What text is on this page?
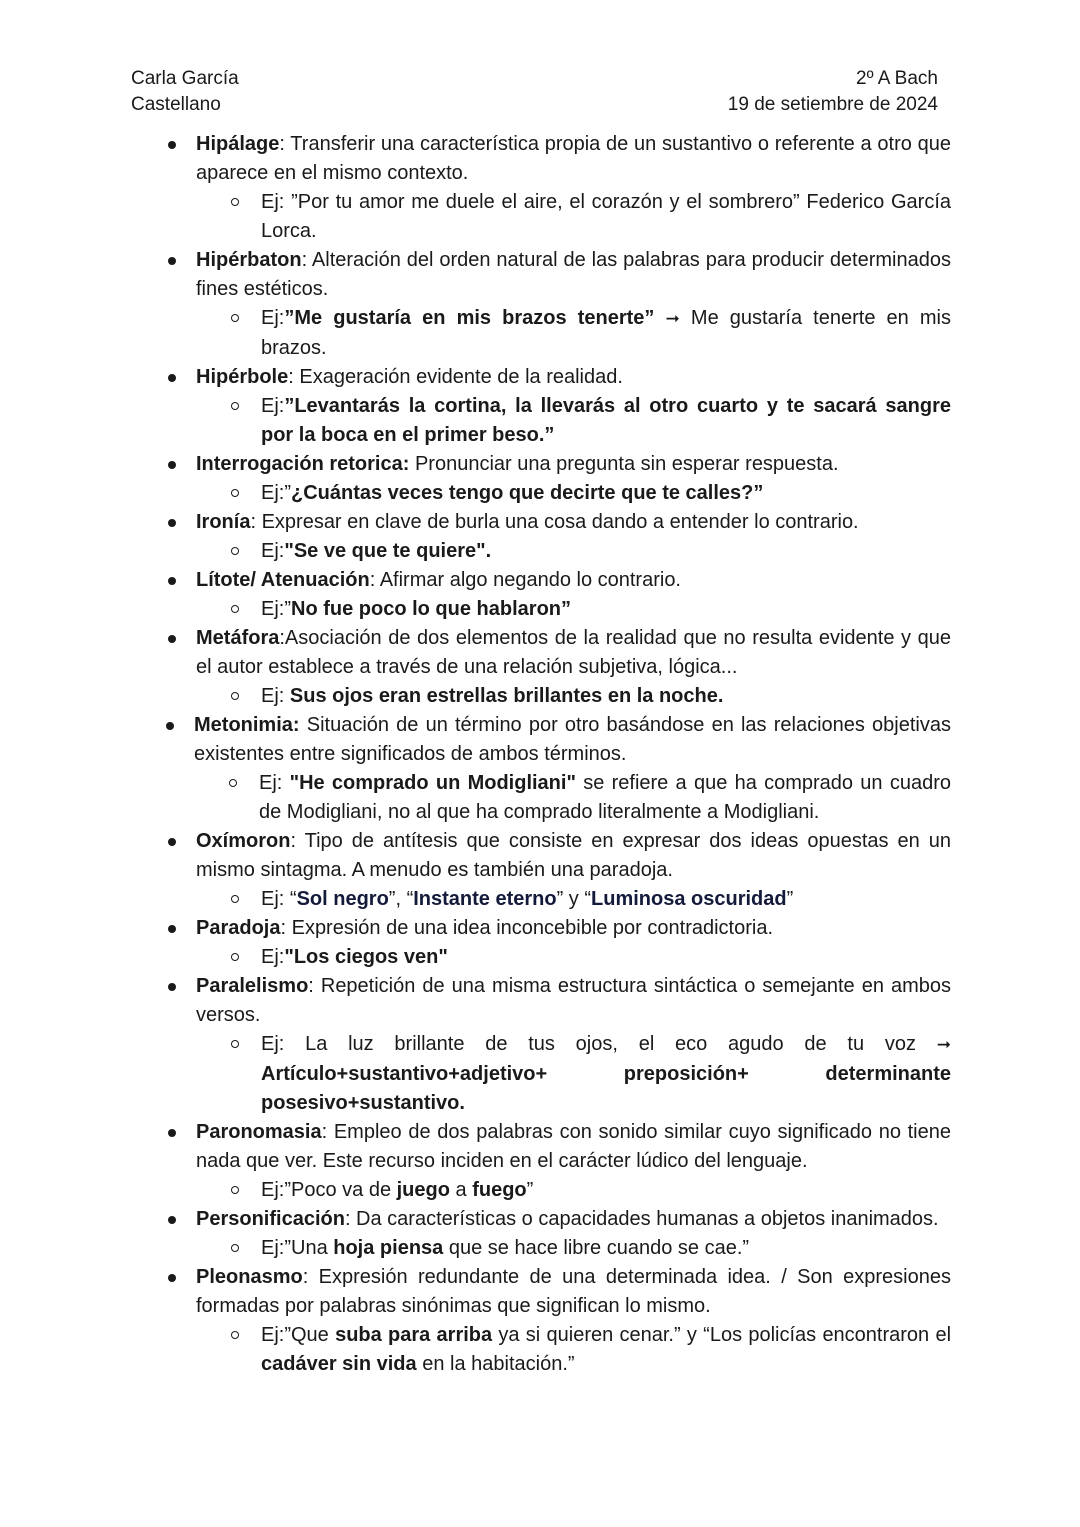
Carla García	2º A Bach
Castellano	19 de setiembre de 2024
Hipálage: Transferir una característica propia de un sustantivo o referente a otro que aparece en el mismo contexto.
Ej: ”Por tu amor me duele el aire, el corazón y el sombrero” Federico García Lorca.
Hipérbaton: Alteración del orden natural de las palabras para producir determinados fines estéticos.
Ej:”Me gustaría en mis brazos tenerte” ➞ Me gustaría tenerte en mis brazos.
Hipérbole: Exageración evidente de la realidad.
Ej:”Levantarás la cortina, la llevarás al otro cuarto y te sacará sangre por la boca en el primer beso.”
Interrogación retorica: Pronunciar una pregunta sin esperar respuesta.
Ej:”¿Cuántas veces tengo que decirte que te calles?”
Ironía: Expresar en clave de burla una cosa dando a entender lo contrario.
Ej:"Se ve que te quiere".
Lítote/ Atenuación: Afirmar algo negando lo contrario.
Ej:”No fue poco lo que hablaron”
Metáfora:Asociación de dos elementos de la realidad que no resulta evidente y que el autor establece a través de una relación subjetiva, lógica...
Ej: Sus ojos eran estrellas brillantes en la noche.
Metonimia: Situación de un término por otro basándose en las relaciones objetivas existentes entre significados de ambos términos.
Ej: "He comprado un Modigliani" se refiere a que ha comprado un cuadro de Modigliani, no al que ha comprado literalmente a Modigliani.
Oxímoron: Tipo de antítesis que consiste en expresar dos ideas opuestas en un mismo sintagma. A menudo es también una paradoja.
Ej: “Sol negro”, “Instante eterno” y “Luminosa oscuridad”
Paradoja: Expresión de una idea inconcebible por contradictoria.
Ej:"Los ciegos ven"
Paralelismo: Repetición de una misma estructura sintáctica o semejante en ambos versos.
Ej: La luz brillante de tus ojos, el eco agudo de tu voz ➞ Artículo+sustantivo+adjetivo+ preposición+ determinante posesivo+sustantivo.
Paronomasia: Empleo de dos palabras con sonido similar cuyo significado no tiene nada que ver. Este recurso inciden en el carácter lúdico del lenguaje.
Ej:”Poco va de juego a fuego”
Personificación: Da características o capacidades humanas a objetos inanimados.
Ej:”Una hoja piensa que se hace libre cuando se cae.”
Pleonasmo: Expresión redundante de una determinada idea. / Son expresiones formadas por palabras sinónimas que significan lo mismo.
Ej:”Que suba para arriba ya si quieren cenar.” y “Los policías encontraron el cadáver sin vida en la habitación.”
